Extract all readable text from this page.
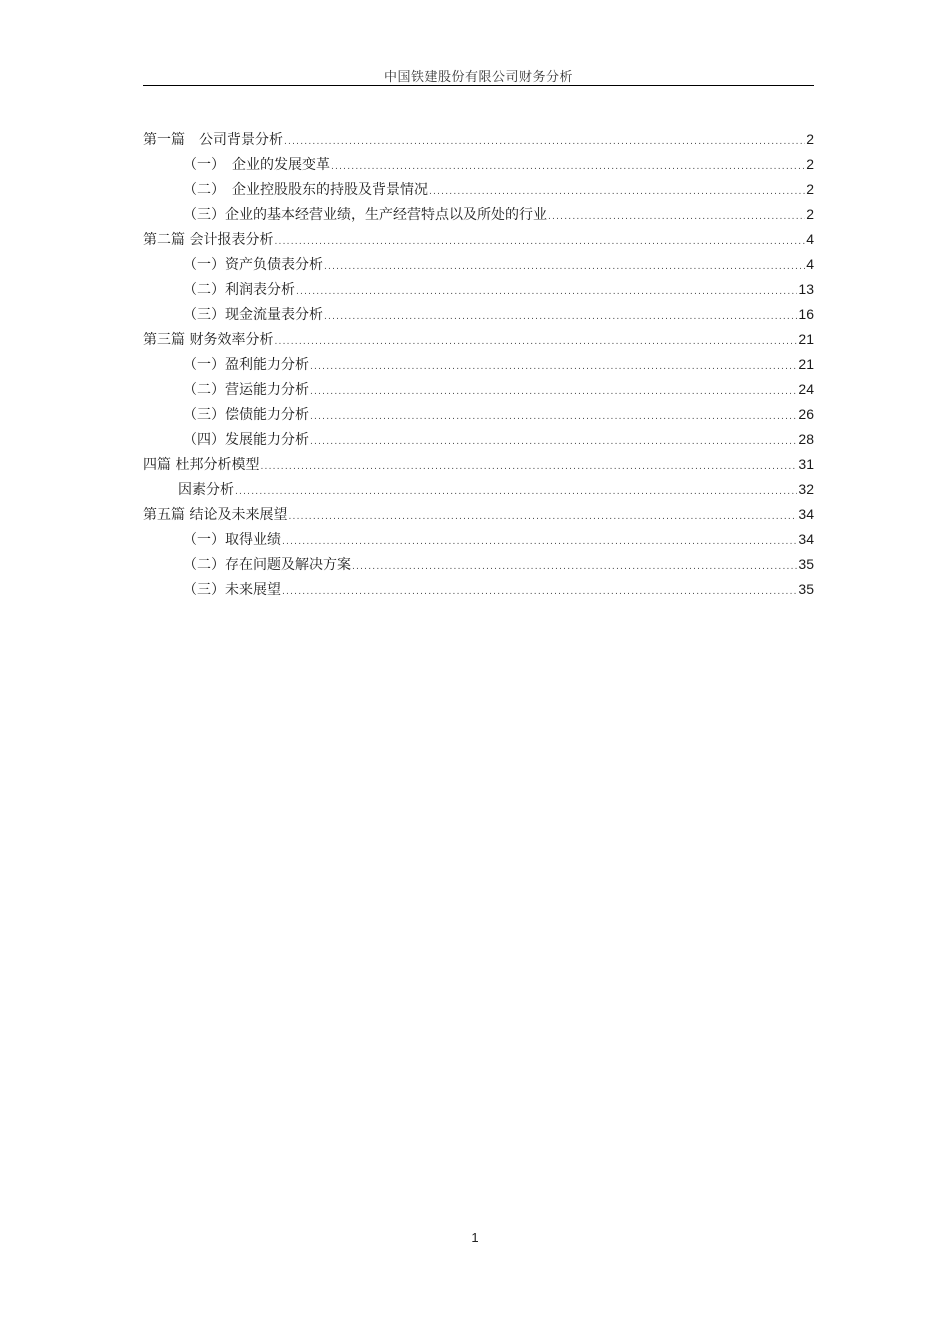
中国铁建股份有限公司财务分析
第一篇　公司背景分析 .....	2
（一）　企业的发展变革 .....	2
（二）　企业控股股东的持股及背景情况 .....	2
（三）企业的基本经营业绩，生产经营特点以及所处的行业 .....	2
第二篇 会计报表分析 .....	4
（一）资产负债表分析 .....	4
（二）利润表分析 .....	13
（三）现金流量表分析 .....	16
第三篇 财务效率分析 .....	21
（一）盈利能力分析 .....	21
（二）营运能力分析 .....	24
（三）偿债能力分析 .....	26
（四）发展能力分析 .....	28
四篇 杜邦分析模型 .....	31
因素分析 .....	32
第五篇 结论及未来展望 .....	34
（一）取得业绩 .....	34
（二）存在问题及解决方案 .....	35
（三）未来展望 .....	35
1
